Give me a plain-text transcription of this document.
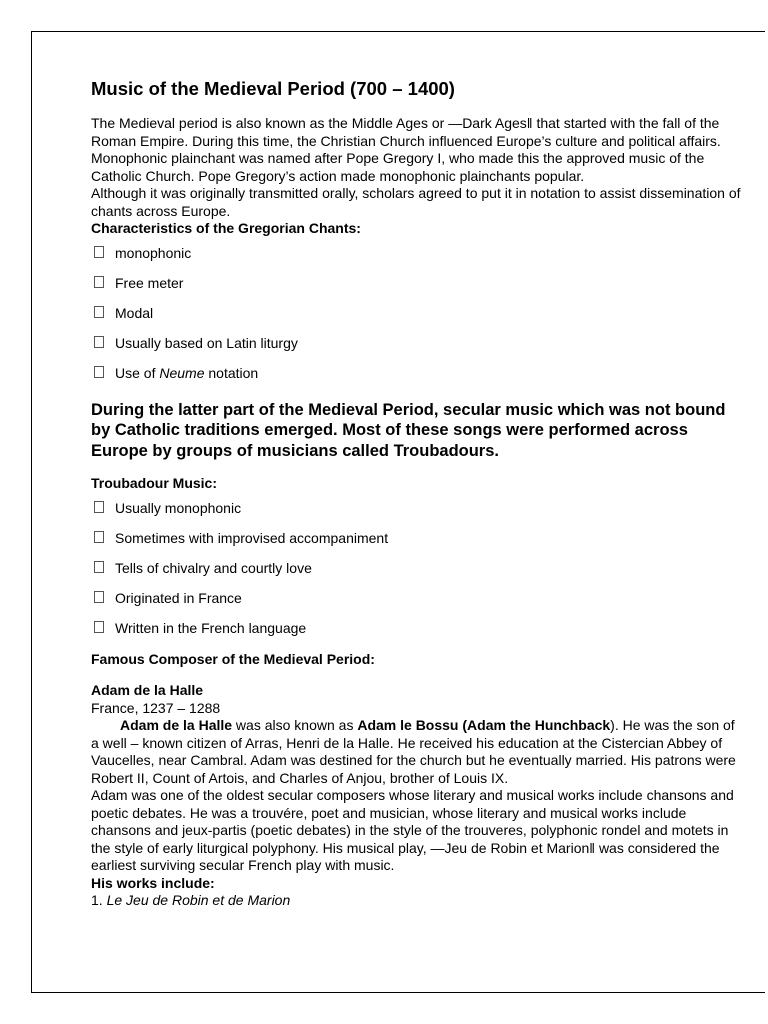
Music of the Medieval Period (700 – 1400)

The Medieval period is also known as the Middle Ages or ―Dark Ages‖ that started with the fall of the Roman Empire. During this time, the Christian Church influenced Europe’s culture and political affairs.

Monophonic plainchant was named after Pope Gregory I, who made this the approved music of the Catholic Church. Pope Gregory’s action made monophonic plainchants popular.

Although it was originally transmitted orally, scholars agreed to put it in notation to assist dissemination of chants across Europe.

Characteristics of the Gregorian Chants:

monophonic
Free meter
Modal
Usually based on Latin liturgy
Use of Neume notation

During the latter part of the Medieval Period, secular music which was not bound by Catholic traditions emerged. Most of these songs were performed across Europe by groups of musicians called Troubadours.

Troubadour Music:

Usually monophonic
Sometimes with improvised accompaniment
Tells of chivalry and courtly love
Originated in France
Written in the French language

Famous Composer of the Medieval Period:

Adam de la Halle

France, 1237 – 1288

Adam de la Halle was also known as Adam le Bossu (Adam the Hunchback). He was the son of a well – known citizen of Arras, Henri de la Halle. He received his education at the Cistercian Abbey of Vaucelles, near Cambral. Adam was destined for the church but he eventually married. His patrons were Robert II, Count of Artois, and Charles of Anjou, brother of Louis IX.

Adam was one of the oldest secular composers whose literary and musical works include chansons and poetic debates. He was a trouvére, poet and musician, whose literary and musical works include chansons and jeux-partis (poetic debates) in the style of the trouveres, polyphonic rondel and motets in the style of early liturgical polyphony. His musical play, ―Jeu de Robin et Marion‖ was considered the earliest surviving secular French play with music.

His works include:

1. Le Jeu de Robin et de Marion
